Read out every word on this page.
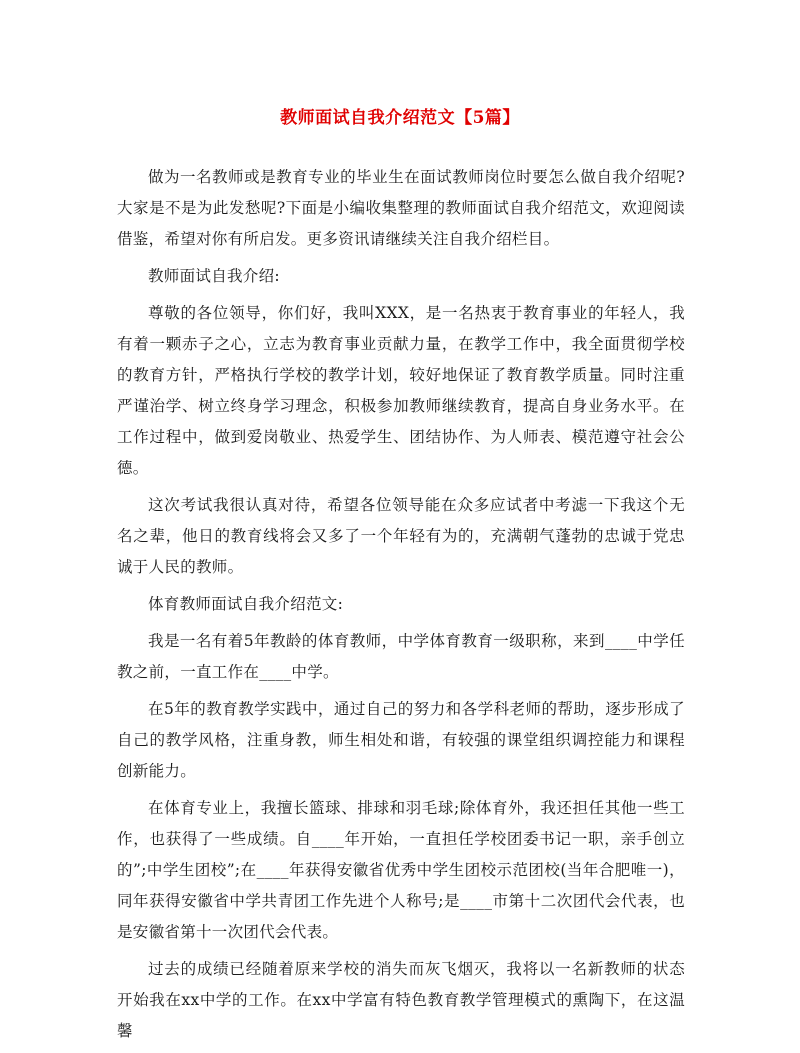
教师面试自我介绍范文【5篇】

做为一名教师或是教育专业的毕业生在面试教师岗位时要怎么做自我介绍呢?大家是不是为此发愁呢?下面是小编收集整理的教师面试自我介绍范文，欢迎阅读借鉴，希望对你有所启发。更多资讯请继续关注自我介绍栏目。

教师面试自我介绍:

尊敬的各位领导，你们好，我叫XXX，是一名热衷于教育事业的年轻人，我有着一颗赤子之心，立志为教育事业贡献力量，在教学工作中，我全面贯彻学校的教育方针，严格执行学校的教学计划，较好地保证了教育教学质量。同时注重严谨治学、树立终身学习理念，积极参加教师继续教育，提高自身业务水平。在工作过程中，做到爱岗敬业、热爱学生、团结协作、为人师表、模范遵守社会公德。

这次考试我很认真对待，希望各位领导能在众多应试者中考滤一下我这个无名之辈，他日的教育线将会又多了一个年轻有为的，充满朝气蓬勃的忠诚于党忠诚于人民的教师。

体育教师面试自我介绍范文:

我是一名有着5年教龄的体育教师，中学体育教育一级职称，来到____中学任教之前，一直工作在____中学。

在5年的教育教学实践中，通过自己的努力和各学科老师的帮助，逐步形成了自己的教学风格，注重身教，师生相处和谐，有较强的课堂组织调控能力和课程创新能力。

在体育专业上，我擅长篮球、排球和羽毛球;除体育外，我还担任其他一些工作，也获得了一些成绩。自____年开始，一直担任学校团委书记一职，亲手创立的”;中学生团校”;在____年获得安徽省优秀中学生团校示范团校(当年合肥唯一)，同年获得安徽省中学共青团工作先进个人称号;是____市第十二次团代会代表，也是安徽省第十一次团代会代表。

过去的成绩已经随着原来学校的消失而灰飞烟灭，我将以一名新教师的状态开始我在xx中学的工作。在xx中学富有特色教育教学管理模式的熏陶下，在这温馨
